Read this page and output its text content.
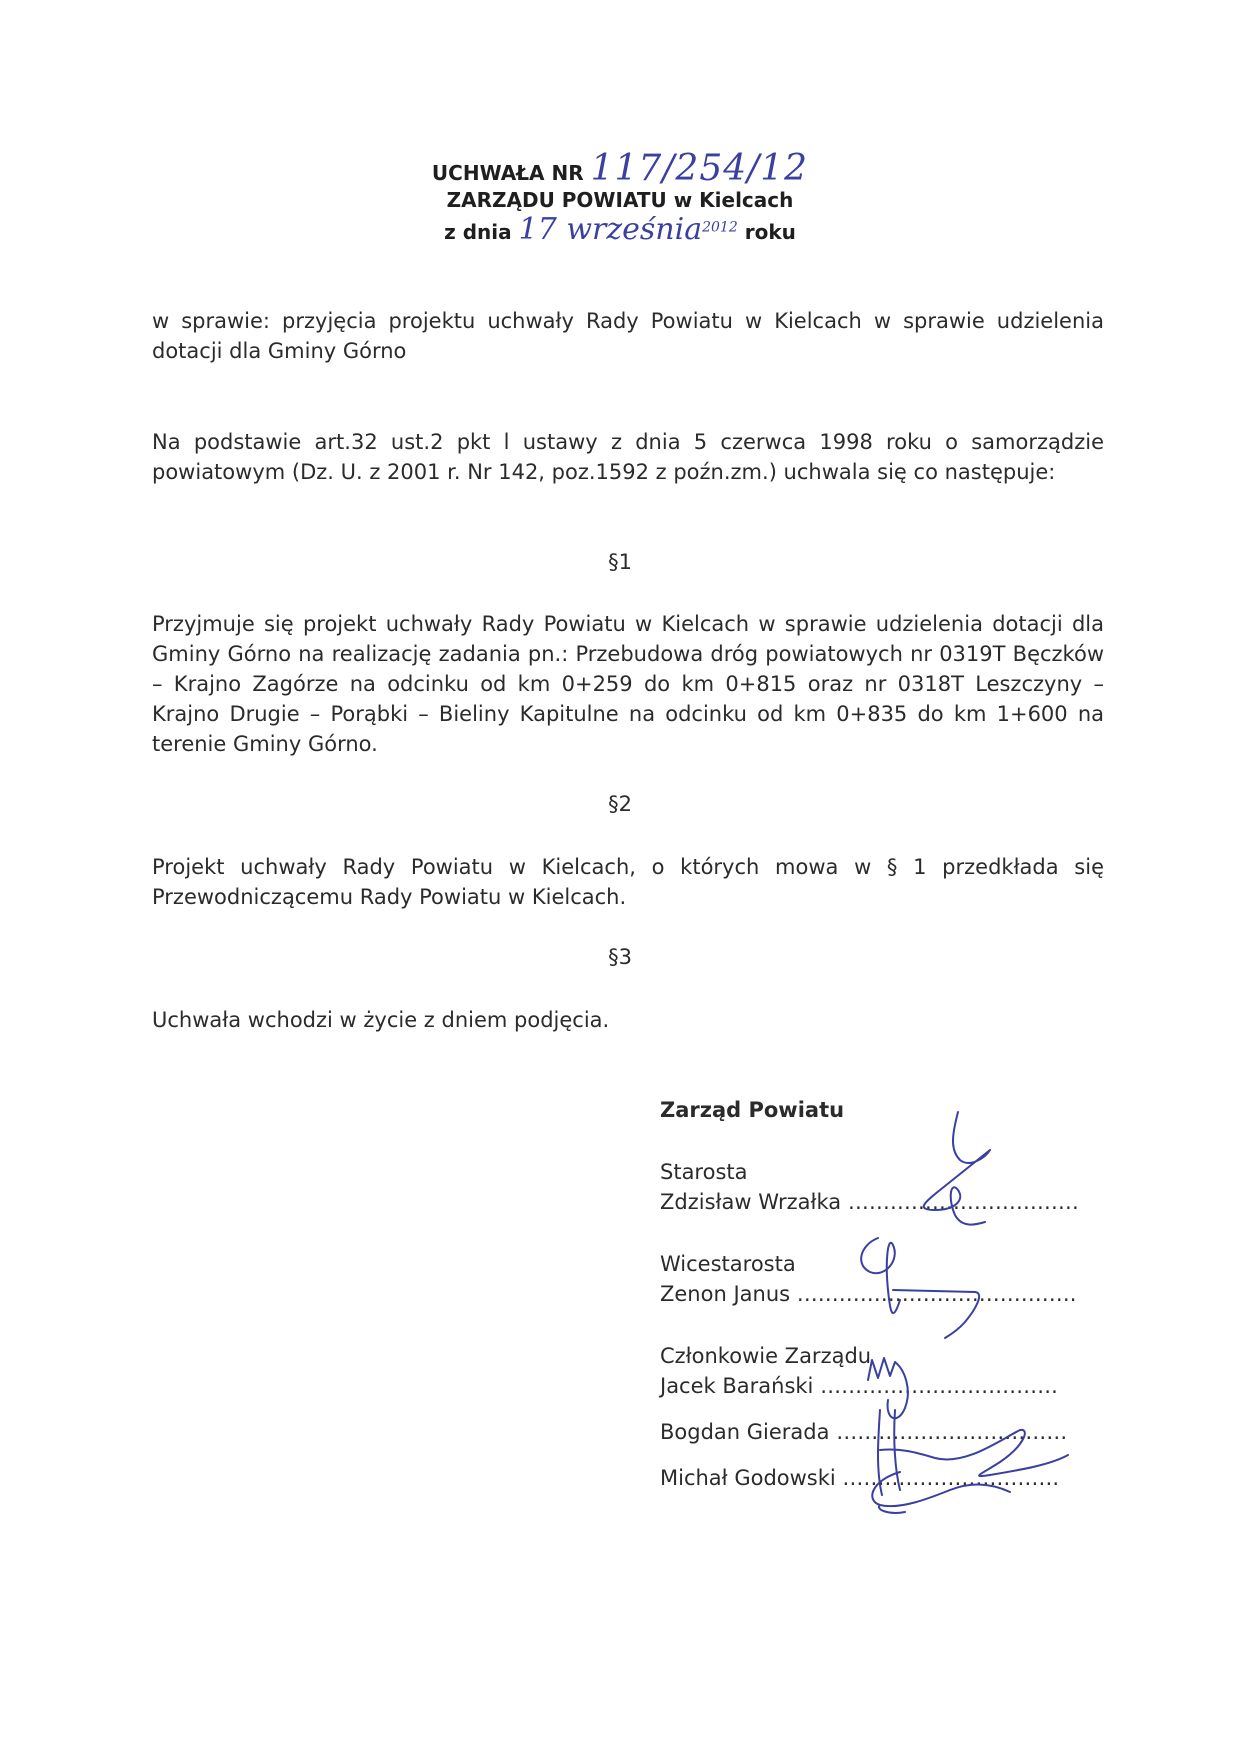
UCHWAŁA NR 117/254/12
ZARZĄDU POWIATU w Kielcach
z dnia 17 września$^{2012}$ roku
w sprawie: przyjęcia projektu uchwały Rady Powiatu w Kielcach w sprawie udzielenia dotacji dla Gminy Górno
Na podstawie art.32 ust.2 pkt l ustawy z dnia 5 czerwca 1998 roku o samorządzie powiatowym (Dz. U. z 2001 r. Nr 142, poz.1592 z poźn.zm.) uchwala się co następuje:
§1
Przyjmuje się projekt uchwały Rady Powiatu w Kielcach w sprawie udzielenia dotacji dla Gminy Górno na realizację zadania pn.: Przebudowa dróg powiatowych nr 0319T Bęczków – Krajno Zagórze na odcinku od km 0+259 do km 0+815 oraz nr 0318T Leszczyny – Krajno Drugie – Porąbki – Bieliny Kapitulne na odcinku od km 0+835 do km 1+600 na terenie Gminy Górno.
§2
Projekt uchwały Rady Powiatu w Kielcach, o których mowa w § 1 przedkłada się Przewodniczącemu Rady Powiatu w Kielcach.
§3
Uchwała wchodzi w życie z dniem podjęcia.
Zarząd Powiatu
Starosta
Zdzisław Wrzałka ……………………………
Wicestarosta
Zenon Janus ………………………………….
Członkowie Zarządu
Jacek Barański …………………………….
Bogdan Gierada ……………………………
Michał Godowski ………………………….
